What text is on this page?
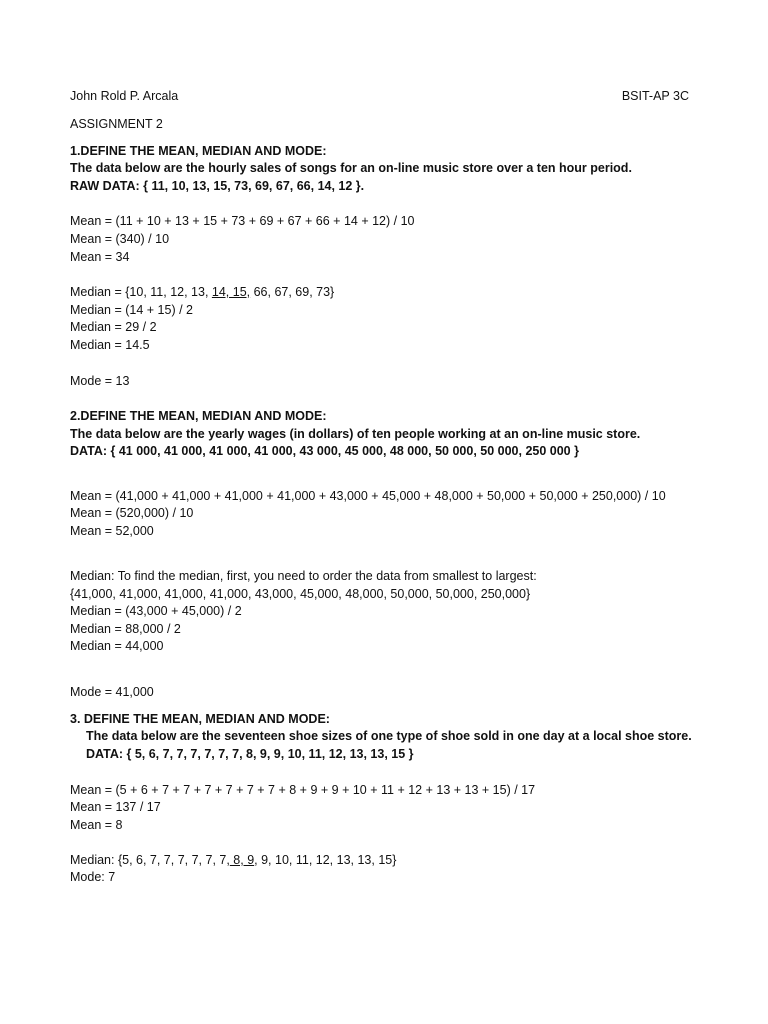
John Rold P. Arcala	BSIT-AP 3C
ASSIGNMENT 2
1.DEFINE THE MEAN, MEDIAN AND MODE:
The data below are the hourly sales of songs for an on-line music store over a ten hour period.
RAW DATA: { 11, 10, 13, 15, 73, 69, 67, 66, 14, 12 }.
Mean = (11 + 10 + 13 + 15 + 73 + 69 + 67 + 66 + 14 + 12) / 10
Mean = (340) / 10
Mean = 34
Median = {10, 11, 12, 13, 14, 15, 66, 67, 69, 73}
Median = (14 + 15) / 2
Median = 29 / 2
Median = 14.5
Mode = 13
2.DEFINE THE MEAN, MEDIAN AND MODE:
The data below are the yearly wages (in dollars) of ten people working at an on-line music store.
DATA: { 41 000, 41 000, 41 000, 41 000, 43 000, 45 000, 48 000, 50 000, 50 000, 250 000 }
Mean = (41,000 + 41,000 + 41,000 + 41,000 + 43,000 + 45,000 + 48,000 + 50,000 + 50,000 + 250,000) / 10
Mean = (520,000) / 10
Mean = 52,000
Median: To find the median, first, you need to order the data from smallest to largest:
{41,000, 41,000, 41,000, 41,000, 43,000, 45,000, 48,000, 50,000, 50,000, 250,000}
Median = (43,000 + 45,000) / 2
Median = 88,000 / 2
Median = 44,000
Mode = 41,000
3. DEFINE THE MEAN, MEDIAN AND MODE:
The data below are the seventeen shoe sizes of one type of shoe sold in one day at a local shoe store.
DATA: { 5, 6, 7, 7, 7, 7, 7, 7, 8, 9, 9, 10, 11, 12, 13, 13, 15 }
Mean = (5 + 6 + 7 + 7 + 7 + 7 + 7 + 7 + 8 + 9 + 9 + 10 + 11 + 12 + 13 + 13 + 15) / 17
Mean = 137 / 17
Mean = 8
Median: {5, 6, 7, 7, 7, 7, 7, 7, 8, 9, 9, 10, 11, 12, 13, 13, 15}
Mode: 7
